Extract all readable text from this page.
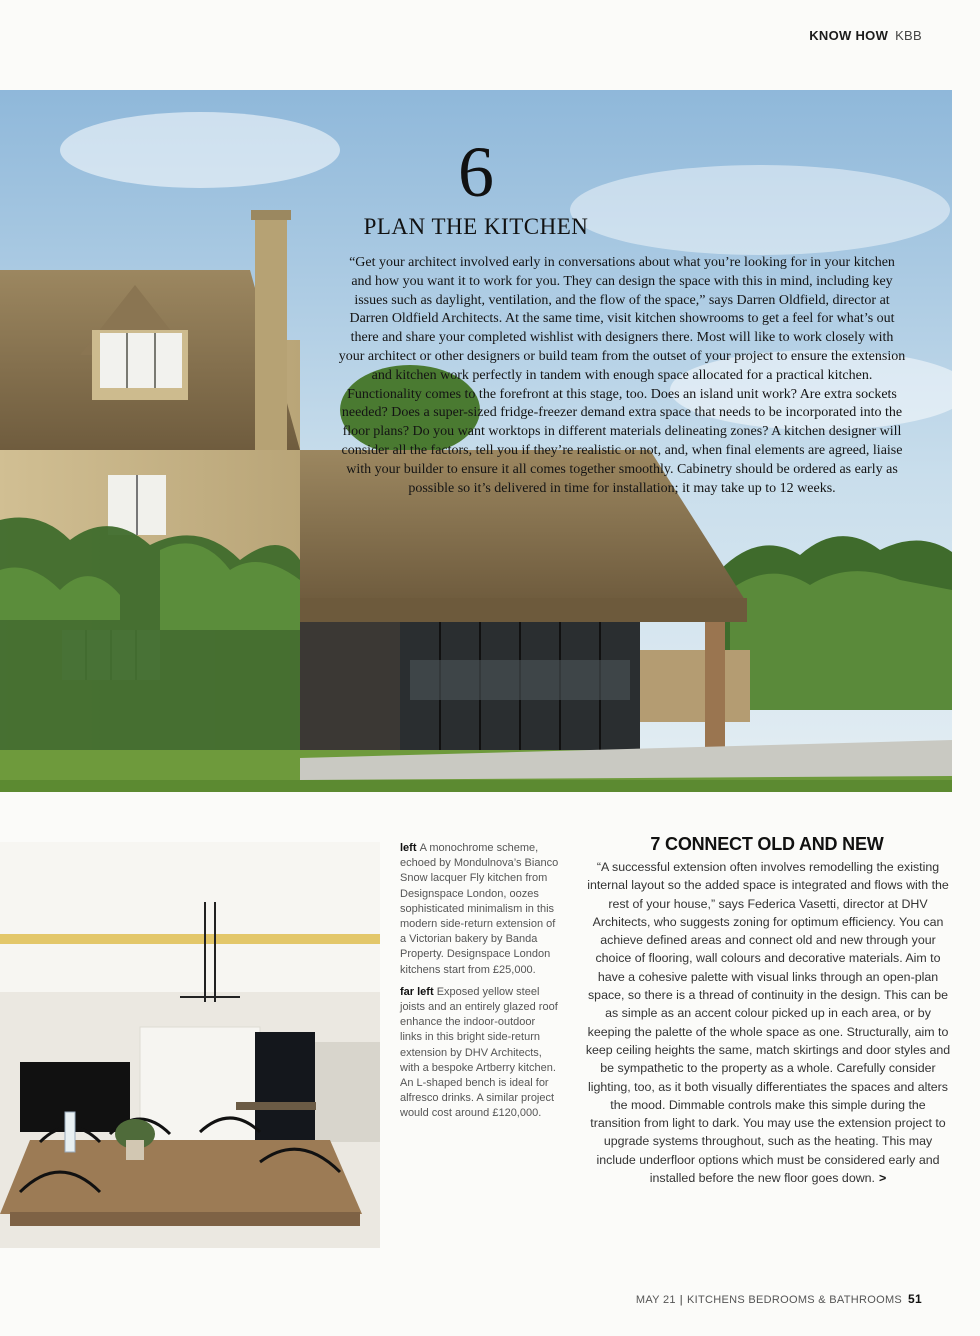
KNOW HOW KBB
6
PLAN THE KITCHEN

“Get your architect involved early in conversations about what you’re looking for in your kitchen and how you want it to work for you. They can design the space with this in mind, including key issues such as daylight, ventilation, and the flow of the space,” says Darren Oldfield, director at Darren Oldfield Architects. At the same time, visit kitchen showrooms to get a feel for what’s out there and share your completed wishlist with designers there. Most will like to work closely with your architect or other designers or build team from the outset of your project to ensure the extension and kitchen work perfectly in tandem with enough space allocated for a practical kitchen. Functionality comes to the forefront at this stage, too. Does an island unit work? Are extra sockets needed? Does a super-sized fridge-freezer demand extra space that needs to be incorporated into the floor plans? Do you want worktops in different materials delineating zones? A kitchen designer will consider all the factors, tell you if they’re realistic or not, and, when final elements are agreed, liaise with your builder to ensure it all comes together smoothly. Cabinetry should be ordered as early as possible so it’s delivered in time for installation; it may take up to 12 weeks.

left A monochrome scheme, echoed by Mondulnova’s Bianco Snow lacquer Fly kitchen from Designspace London, oozes sophisticated minimalism in this modern side-return extension of a Victorian bakery by Banda Property. Designspace London kitchens start from £25,000.

far left Exposed yellow steel joists and an entirely glazed roof enhance the indoor-outdoor links in this bright side-return extension by DHV Architects, with a bespoke Artberry kitchen. An L-shaped bench is ideal for alfresco drinks. A similar project would cost around £120,000.

7 CONNECT OLD AND NEW

“A successful extension often involves remodelling the existing internal layout so the added space is integrated and flows with the rest of your house,” says Federica Vasetti, director at DHV Architects, who suggests zoning for optimum efficiency. You can achieve defined areas and connect old and new through your choice of flooring, wall colours and decorative materials. Aim to have a cohesive palette with visual links through an open-plan space, so there is a thread of continuity in the design. This can be as simple as an accent colour picked up in each area, or by keeping the palette of the whole space as one. Structurally, aim to keep ceiling heights the same, match skirtings and door styles and be sympathetic to the property as a whole. Carefully consider lighting, too, as it both visually differentiates the spaces and alters the mood. Dimmable controls make this simple during the transition from light to dark. You may use the extension project to upgrade systems throughout, such as the heating. This may include underfloor options which must be considered early and installed before the new floor goes down. >

MAY 21 | KITCHENS BEDROOMS & BATHROOMS 51
